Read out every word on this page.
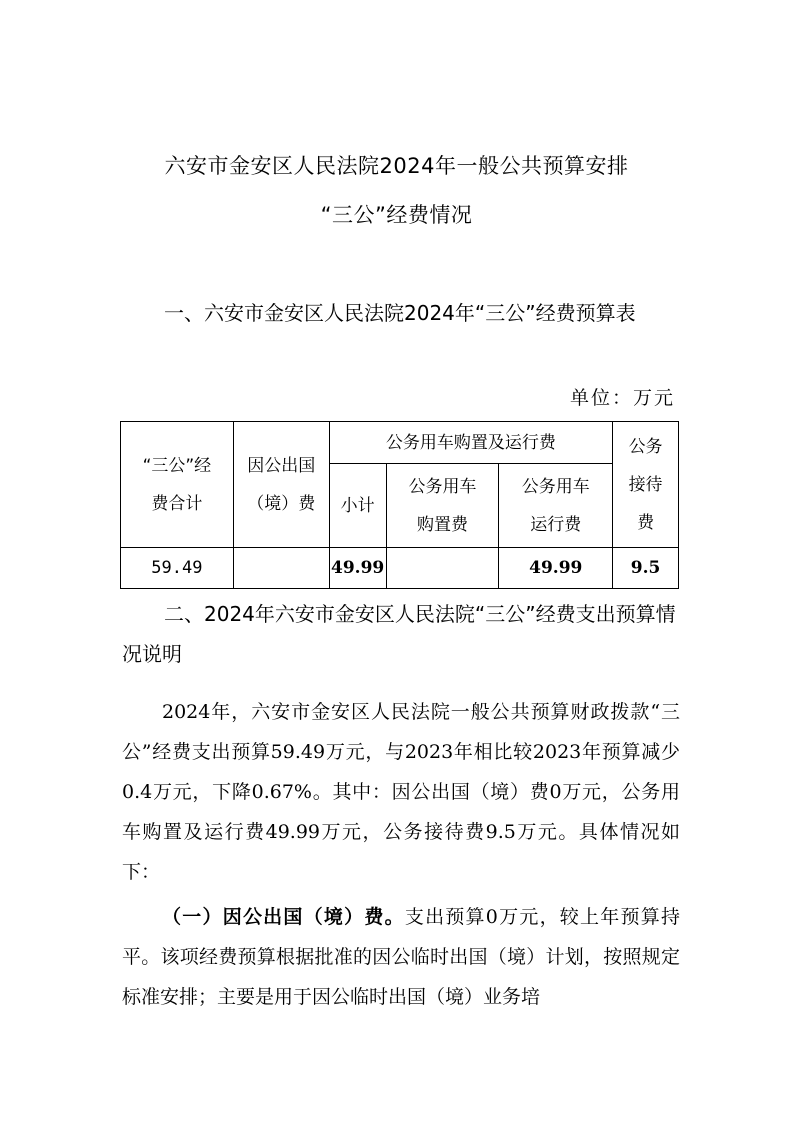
六安市金安区人民法院2024年一般公共预算安排
“三公”经费情况
一、六安市金安区人民法院2024年“三公”经费预算表
单位：万元
“三公”经费合计	因公出国（境）费	公务用车购置及运行费			公务接待费

		小计	公务用车购置费	公务用车运行费	

59.49		49.99		49.99	9.5
二、2024年六安市金安区人民法院“三公”经费支出预算情况说明
2024年，六安市金安区人民法院一般公共预算财政拨款“三公”经费支出预算59.49万元，与2023年相比较2023年预算减少0.4万元，下降0.67%。其中：因公出国（境）费0万元，公务用车购置及运行费49.99万元，公务接待费9.5万元。具体情况如下：
（一）因公出国（境）费。支出预算0万元，较上年预算持平。该项经费预算根据批准的因公临时出国（境）计划，按照规定标准安排；主要是用于因公临时出国（境）业务培
